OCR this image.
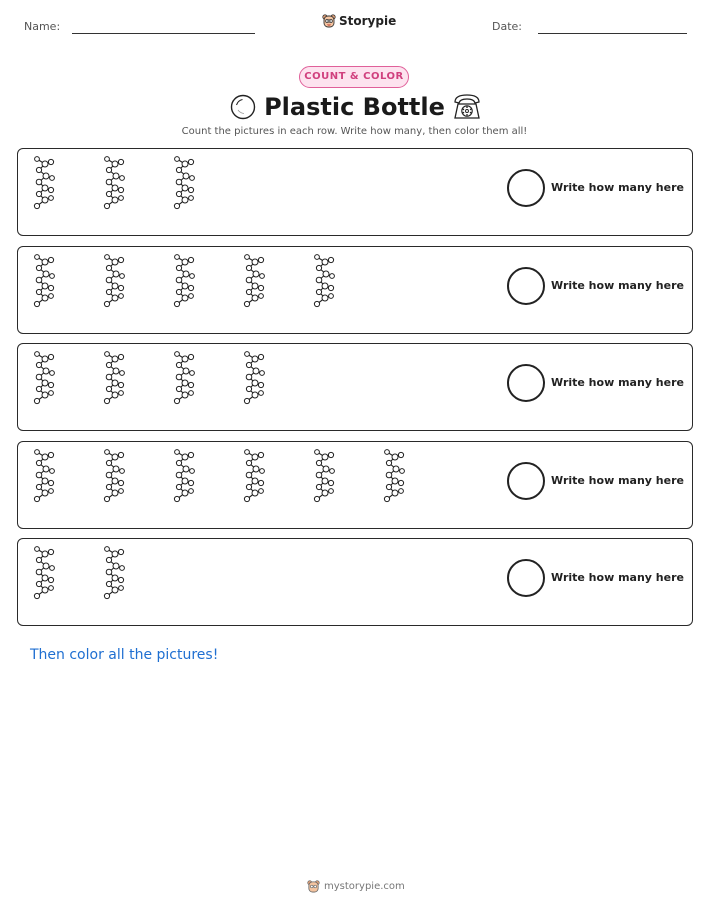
Name:	Storypie	Date:
COUNT & COLOR
Plastic Bottle
Count the pictures in each row. Write how many, then color them all!
Write how many here
Write how many here
Write how many here
Write how many here
Write how many here
Then color all the pictures!
mystorypie.com
